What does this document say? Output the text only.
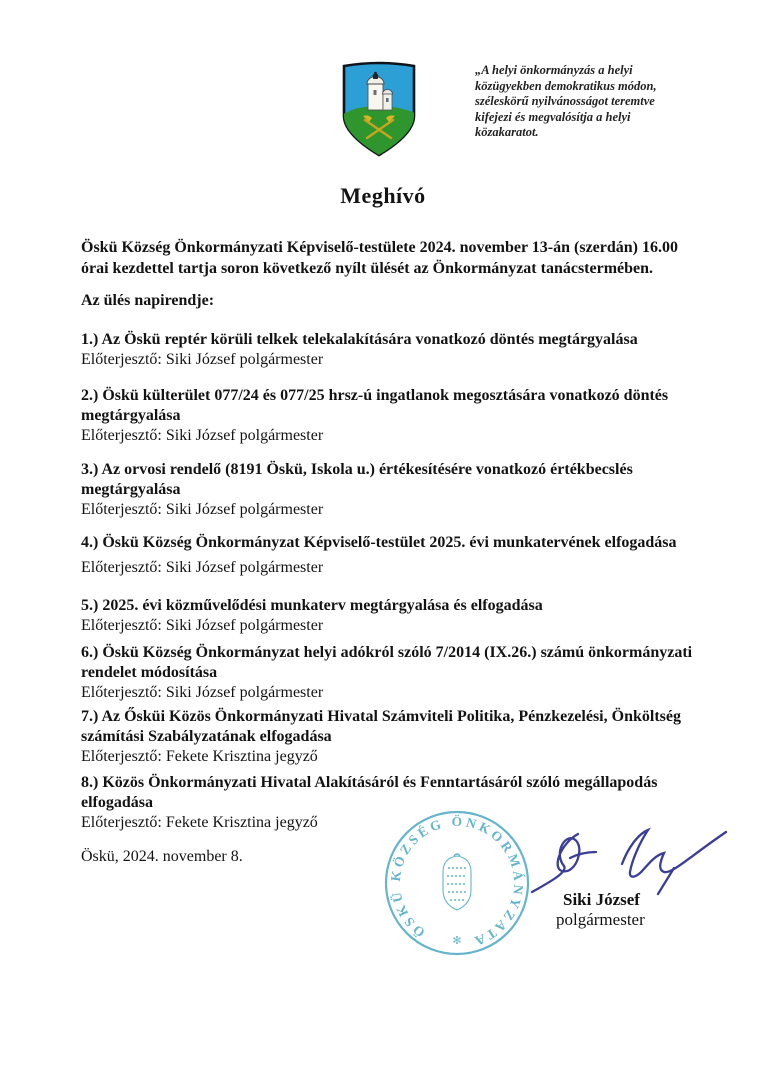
„A helyi önkormányzás a helyi
közügyekben demokratikus módon,
széleskörű nyilvánosságot teremtve
kifejezi és megvalósítja a helyi
közakaratot.
Meghívó

Öskü Község Önkormányzati Képviselő-testülete 2024. november 13-án (szerdán) 16.00 órai kezdettel tartja soron következő nyílt ülését az Önkormányzat tanácstermében.

Az ülés napirendje:

1.) Az Öskü reptér körüli telkek telekalakítására vonatkozó döntés megtárgyalása

Előterjesztő: Siki József polgármester

2.) Öskü külterület 077/24 és 077/25 hrsz-ú ingatlanok megosztására vonatkozó döntés megtárgyalása

Előterjesztő: Siki József polgármester

3.) Az orvosi rendelő (8191 Öskü, Iskola u.) értékesítésére vonatkozó értékbecslés megtárgyalása

Előterjesztő: Siki József polgármester

4.) Öskü Község Önkormányzat Képviselő-testület 2025. évi munkatervének elfogadása

Előterjesztő: Siki József polgármester

5.) 2025. évi közművelődési munkaterv megtárgyalása és elfogadása

Előterjesztő: Siki József polgármester

6.) Öskü Község Önkormányzat helyi adókról szóló 7/2014 (IX.26.) számú önkormányzati rendelet módosítása

Előterjesztő: Siki József polgármester

7.) Az Ősküi Közös Önkormányzati Hivatal Számviteli Politika, Pénzkezelési, Önköltség számítási Szabályzatának elfogadása

Előterjesztő: Fekete Krisztina jegyző

8.) Közös Önkormányzati Hivatal Alakításáról és Fenntartásáról szóló megállapodás elfogadása

Előterjesztő: Fekete Krisztina jegyző

Öskü, 2024. november 8.

ÖSKÜ KÖZSÉG ÖNKORMÁNYZATA
✻

Siki József

polgármester
